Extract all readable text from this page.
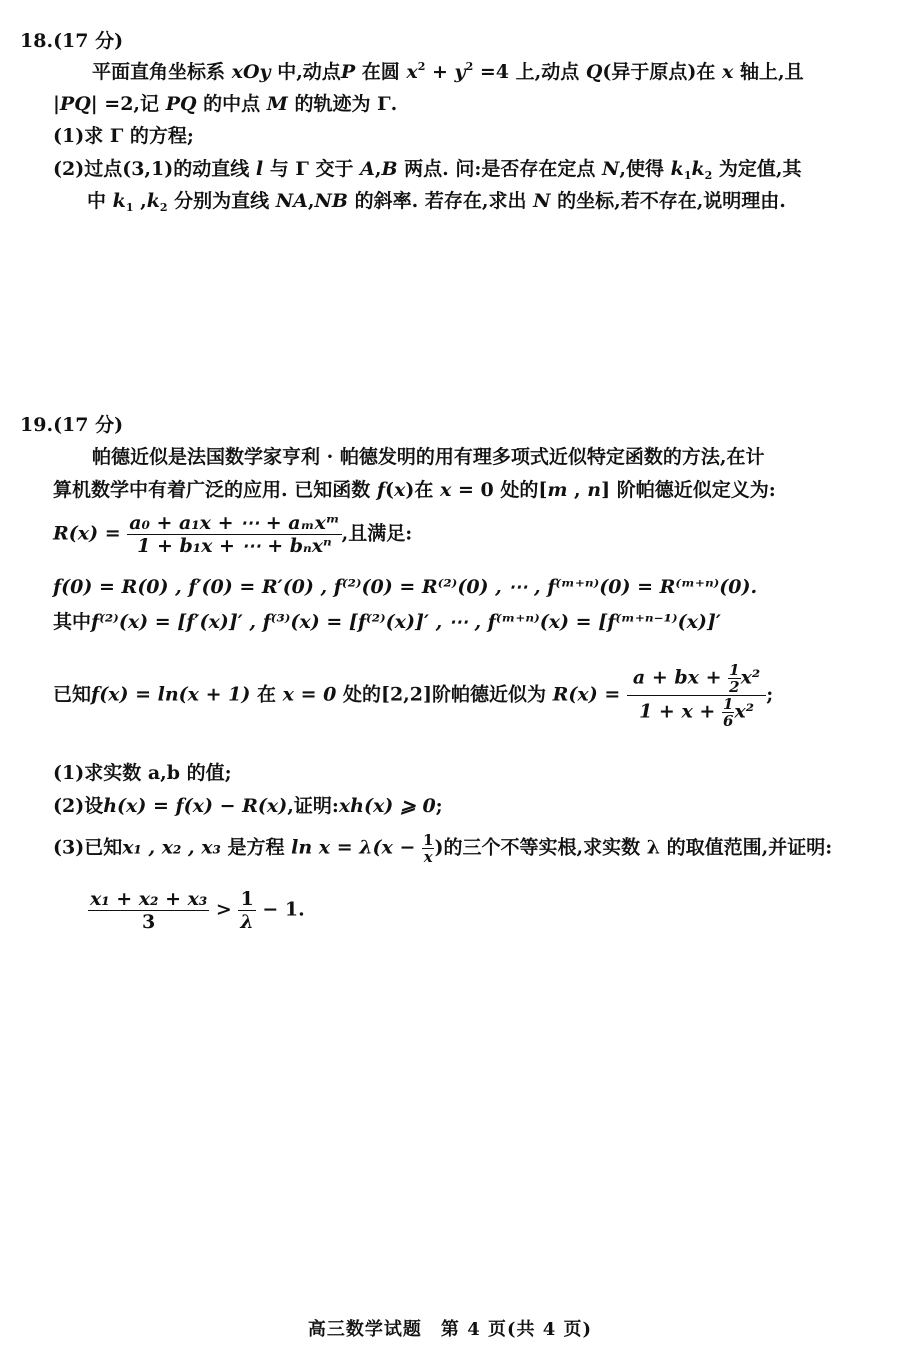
18.(17 分)
平面直角坐标系 xOy 中,动点P 在圆 $x^2 + y^2 =4$ 上,动点 Q(异于原点)在 x 轴上,且
|PQ| =2,记 PQ 的中点 M 的轨迹为 Γ.
(1)求 Γ 的方程;
(2)过点(3,1)的动直线 l 与 Γ 交于 A,B 两点. 问:是否存在定点 N,使得 $k_1k_2$ 为定值,其
中 $k_1$ $,k_2$ 分别为直线 NA,NB 的斜率. 若存在,求出 N 的坐标,若不存在,说明理由.
19.(17 分)
帕德近似是法国数学家亨利 · 帕德发明的用有理多项式近似特定函数的方法,在计
算机数学中有着广泛的应用. 已知函数 f(x)在 x = 0 处的[m , n] 阶帕德近似定义为:
$R(x) = \frac{\text{a₀ + a₁x + ⋯ + aₘxᵐ}}{\text{1 + b₁x + ⋯ + bₙxⁿ}}$ ,且满足:
f(0) = R(0) , f′(0) = R′(0) , f⁽²⁾(0) = R⁽²⁾(0) , ⋯ , f⁽ᵐ⁺ⁿ⁾(0) = R⁽ᵐ⁺ⁿ⁾(0).
其中f⁽²⁾(x) = [f′(x)]′ , f⁽³⁾(x) = [f⁽²⁾(x)]′ , ⋯ , f⁽ᵐ⁺ⁿ⁾(x) = [f⁽ᵐ⁺ⁿ⁻¹⁾(x)]′
已知f(x) = ln(x + 1) 在 x = 0 处的[2,2]阶帕德近似为 $R(x) = \frac{a + bx + \frac{1}{2} x^2}{1 + x + \frac{1}{6} x^2}$ ;
(1)求实数 a,b 的值;
(2)设h(x) = f(x) − R(x),证明:xh(x) ⩾ 0;
(3)已知x₁ , x₂ , x₃ 是方程 $\ln x = \lambda(x - \frac{1}{x}$ )的三个不等实根,求实数 λ 的取值范围,并证明:
$\frac{\text{x₁ + x₂ + x₃}}{3} > \frac{1}{\lambda} - 1$.
高三数学试题　第 4 页(共 4 页)
